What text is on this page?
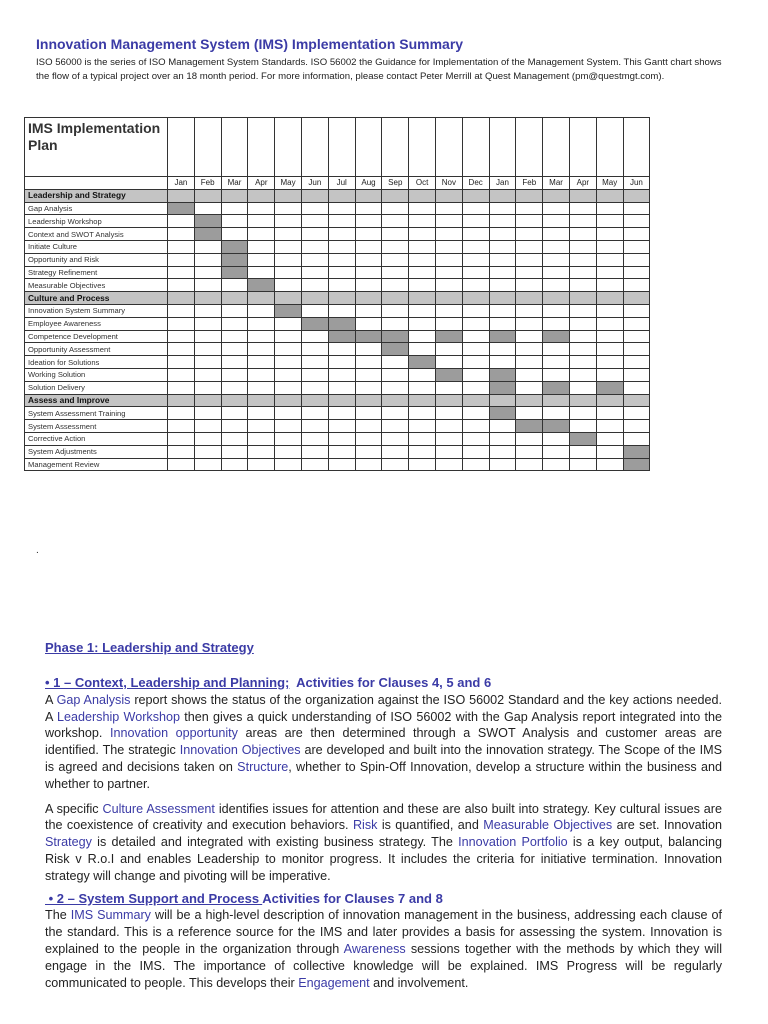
Innovation Management System (IMS) Implementation Summary
ISO 56000 is the series of ISO Management System Standards. ISO 56002 the Guidance for Implementation of the Management System. This Gantt chart shows the flow of a typical project over an 18 month period. For more information, please contact Peter Merrill at Quest Management (pm@questmgt.com).
IMS Implementation Plan																		
	Jan	Feb	Mar	Apr	May	Jun	Jul	Aug	Sep	Oct	Nov	Dec	Jan	Feb	Mar	Apr	May	Jun
Leadership and Strategy																		
Gap Analysis																		
Leadership Workshop																		
Context and SWOT Analysis																		
Initiate Culture																		
Opportunity and Risk																		
Strategy Refinement																		
Measurable Objectives																		
Culture and Process																		
Innovation System Summary																		
Employee Awareness																		
Competence Development																		
Opportunity Assessment																		
Ideation for Solutions																		
Working Solution																		
Solution Delivery																		
Assess and Improve																		
System Assessment Training																		
System Assessment																		
Corrective Action																		
System Adjustments																		
Management Review																		
.
Phase 1: Leadership and Strategy
• 1 – Context, Leadership and Planning;  Activities for Clauses 4, 5 and 6

A Gap Analysis report shows the status of the organization against the ISO 56002 Standard and the key actions needed. A Leadership Workshop then gives a quick understanding of ISO 56002 with the Gap Analysis report integrated into the workshop. Innovation opportunity areas are then determined through a SWOT Analysis and customer areas are identified. The strategic Innovation Objectives are developed and built into the innovation strategy. The Scope of the IMS is agreed and decisions taken on Structure, whether to Spin-Off Innovation, develop a structure within the business and whether to partner.

A specific Culture Assessment identifies issues for attention and these are also built into strategy. Key cultural issues are the coexistence of creativity and execution behaviors. Risk is quantified, and Measurable Objectives are set. Innovation Strategy is detailed and integrated with existing business strategy. The Innovation Portfolio is a key output, balancing Risk v R.o.I and enables Leadership to monitor progress. It includes the criteria for initiative termination. Innovation strategy will change and pivoting will be imperative.

• 2 – System Support and Process Activities for Clauses 7 and 8

The IMS Summary will be a high-level description of innovation management in the business, addressing each clause of the standard. This is a reference source for the IMS and later provides a basis for assessing the system. Innovation is explained to the people in the organization through Awareness sessions together with the methods by which they will engage in the IMS. The importance of collective knowledge will be explained. IMS Progress will be regularly communicated to people. This develops their Engagement and involvement.
